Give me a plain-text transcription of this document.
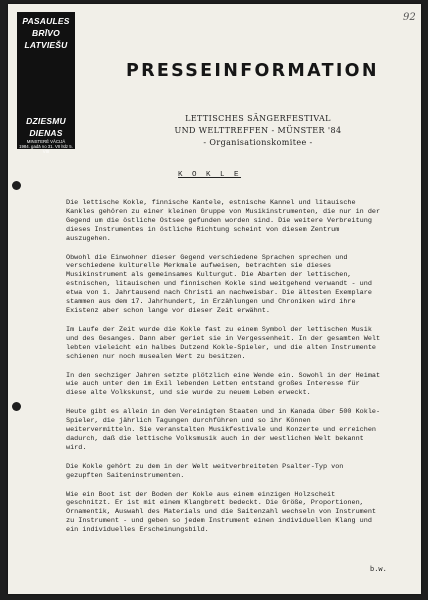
92
PASAULES
BRĪVO
LATVIEŠU
DZIESMU
DIENAS
MINSTERĒ VĀCIJĀ
1984. gadā no 31. VII līdz 5. VIII
PRESSEINFORMATION
LETTISCHES SÄNGERFESTIVAL
UND WELTTREFFEN - MÜNSTER '84
- Organisationskomitee -
K O K L E

Die lettische Kokle, finnische Kantele, estnische Kannel und litauische Kankles gehören zu einer kleinen Gruppe von Musikinstrumenten, die nur in der Gegend um die östliche Ostsee gefunden worden sind. Die weitere Verbreitung dieses Instrumentes in östliche Richtung scheint von diesem Zentrum auszugehen.

Obwohl die Einwohner dieser Gegend verschiedene Sprachen sprechen und verschiedene kulturelle Merkmale aufweisen, betrachten sie dieses Musikinstrument als gemeinsames Kulturgut. Die Abarten der lettischen, estnischen, litauischen und finnischen Kokle sind weitgehend verwandt - und etwa von 1. Jahrtausend nach Christi an nachweisbar. Die ältesten Exemplare stammen aus dem 17. Jahrhundert, in Erzählungen und Chroniken wird ihre Existenz aber schon lange vor dieser Zeit erwähnt.

Im Laufe der Zeit wurde die Kokle fast zu einem Symbol der lettischen Musik und des Gesanges. Dann aber geriet sie in Vergessenheit. In der gesamten Welt lebten vieleicht ein halbes Dutzend Kokle-Spieler, und die alten Instrumente schienen nur noch musealen Wert zu besitzen.

In den sechziger Jahren setzte plötzlich eine Wende ein. Sowohl in der Heimat wie auch unter den im Exil lebenden Letten entstand großes Interesse für diese alte Volkskunst, und sie wurde zu neuem Leben erweckt.

Heute gibt es allein in den Vereinigten Staaten und in Kanada über 500 Kokle-Spieler, die jährlich Tagungen durchführen und so ihr Können weitervermitteln. Sie veranstalten Musikfestivale und Konzerte und erreichen dadurch, daß die lettische Volksmusik auch in der westlichen Welt bekannt wird.

Die Kokle gehört zu dem in der Welt weitverbreiteten Psalter-Typ von gezupften Saiteninstrumenten.

Wie ein Boot ist der Boden der Kokle aus einem einzigen Holzscheit geschnitzt. Er ist mit einem Klangbrett bedeckt. Die Größe, Proportionen, Ornamentik, Auswahl des Materials und die Saitenzahl wechseln von Instrument zu Instrument - und geben so jedem Instrument einen individuellen Klang und ein individuelles Erscheinungsbild.

b.w.
